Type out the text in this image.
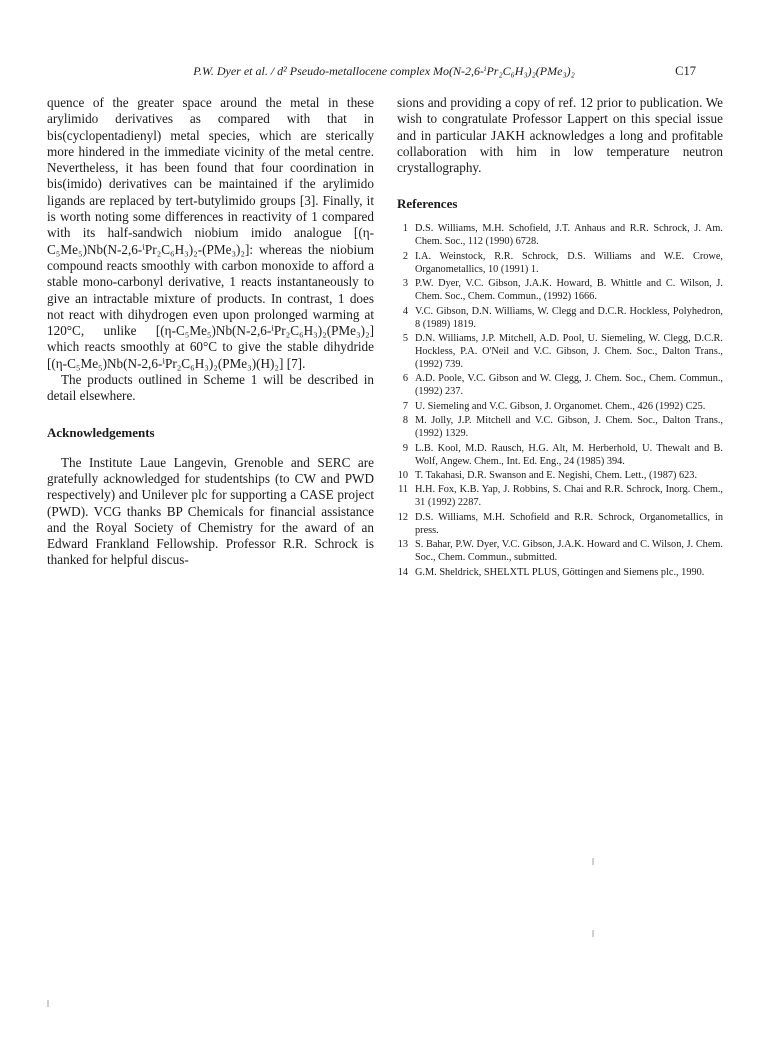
P.W. Dyer et al. / d² Pseudo-metallocene complex Mo(N-2,6-ⁱPr₂C₆H₃)₂(PMe₃)₂	C17

quence of the greater space around the metal in these arylimido derivatives as compared with that in bis(cyclopentadienyl) metal species, which are sterically more hindered in the immediate vicinity of the metal centre. Nevertheless, it has been found that four coordination in bis(imido) derivatives can be maintained if the arylimido ligands are replaced by tert-butylimido groups [3]. Finally, it is worth noting some differences in reactivity of 1 compared with its half-sandwich niobium imido analogue [(η-C₅Me₅)Nb(N-2,6-ⁱPr₂C₆H₃)₂-(PMe₃)₂]: whereas the niobium compound reacts smoothly with carbon monoxide to afford a stable mono-carbonyl derivative, 1 reacts instantaneously to give an intractable mixture of products. In contrast, 1 does not react with dihydrogen even upon prolonged warming at 120°C, unlike [(η-C₅Me₅)Nb(N-2,6-ⁱPr₂C₆H₃)₂(PMe₃)₂] which reacts smoothly at 60°C to give the stable dihydride [(η-C₅Me₅)Nb(N-2,6-ⁱPr₂C₆H₃)₂(PMe₃)(H)₂] [7].

The products outlined in Scheme 1 will be described in detail elsewhere.

Acknowledgements

The Institute Laue Langevin, Grenoble and SERC are gratefully acknowledged for studentships (to CW and PWD respectively) and Unilever plc for supporting a CASE project (PWD). VCG thanks BP Chemicals for financial assistance and the Royal Society of Chemistry for the award of an Edward Frankland Fellowship. Professor R.R. Schrock is thanked for helpful discus-

sions and providing a copy of ref. 12 prior to publication. We wish to congratulate Professor Lappert on this special issue and in particular JAKH acknowledges a long and profitable collaboration with him in low temperature neutron crystallography.

References
1 D.S. Williams, M.H. Schofield, J.T. Anhaus and R.R. Schrock, J. Am. Chem. Soc., 112 (1990) 6728.
2 I.A. Weinstock, R.R. Schrock, D.S. Williams and W.E. Crowe, Organometallics, 10 (1991) 1.
3 P.W. Dyer, V.C. Gibson, J.A.K. Howard, B. Whittle and C. Wilson, J. Chem. Soc., Chem. Commun., (1992) 1666.
4 V.C. Gibson, D.N. Williams, W. Clegg and D.C.R. Hockless, Polyhedron, 8 (1989) 1819.
5 D.N. Williams, J.P. Mitchell, A.D. Pool, U. Siemeling, W. Clegg, D.C.R. Hockless, P.A. O'Neil and V.C. Gibson, J. Chem. Soc., Dalton Trans., (1992) 739.
6 A.D. Poole, V.C. Gibson and W. Clegg, J. Chem. Soc., Chem. Commun., (1992) 237.
7 U. Siemeling and V.C. Gibson, J. Organomet. Chem., 426 (1992) C25.
8 M. Jolly, J.P. Mitchell and V.C. Gibson, J. Chem. Soc., Dalton Trans., (1992) 1329.
9 L.B. Kool, M.D. Rausch, H.G. Alt, M. Herberhold, U. Thewalt and B. Wolf, Angew. Chem., Int. Ed. Eng., 24 (1985) 394.
10 T. Takahasi, D.R. Swanson and E. Negishi, Chem. Lett., (1987) 623.
11 H.H. Fox, K.B. Yap, J. Robbins, S. Chai and R.R. Schrock, Inorg. Chem., 31 (1992) 2287.
12 D.S. Williams, M.H. Schofield and R.R. Schrock, Organometallics, in press.
13 S. Bahar, P.W. Dyer, V.C. Gibson, J.A.K. Howard and C. Wilson, J. Chem. Soc., Chem. Commun., submitted.
14 G.M. Sheldrick, SHELXTL PLUS, Göttingen and Siemens plc., 1990.
